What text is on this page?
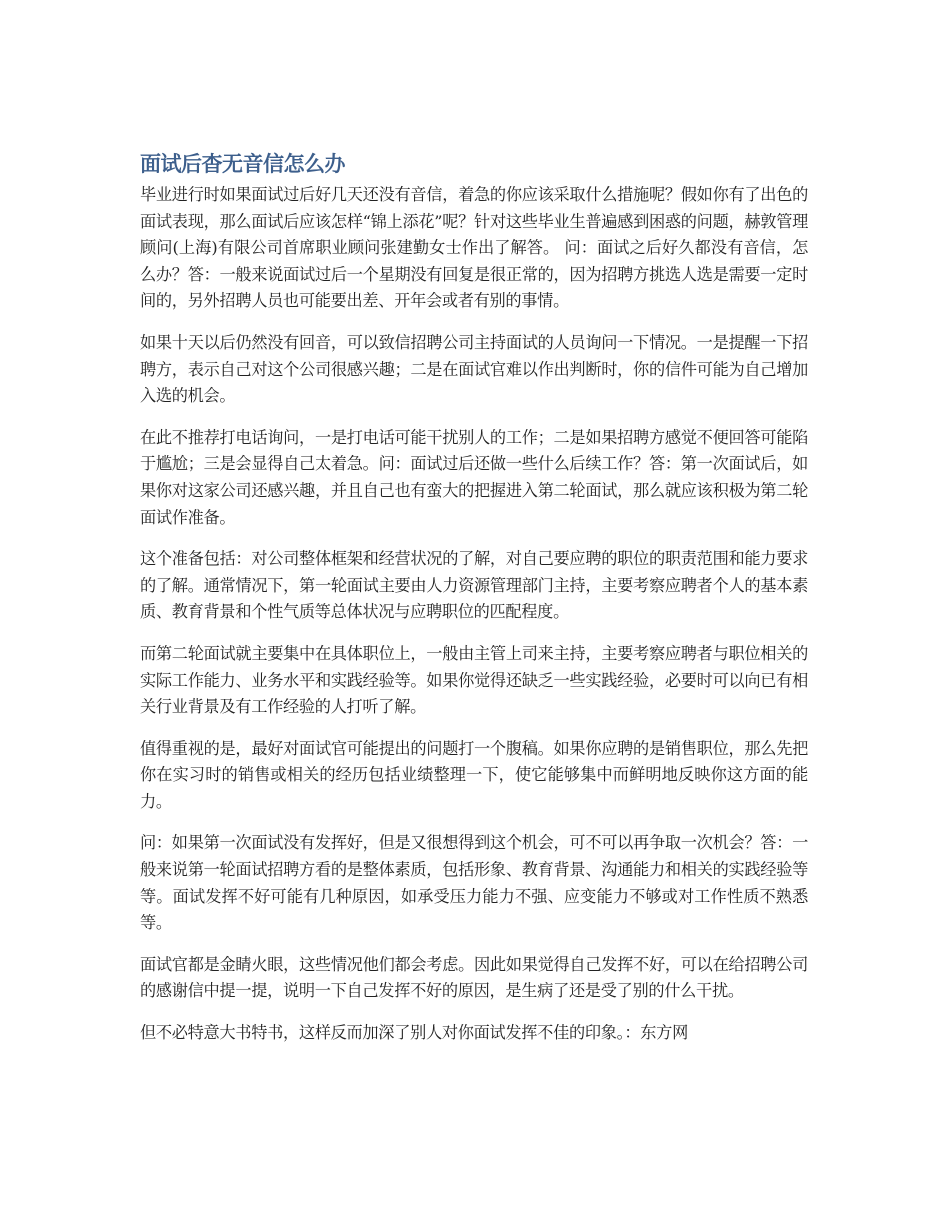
面试后杳无音信怎么办

毕业进行时如果面试过后好几天还没有音信，着急的你应该采取什么措施呢？假如你有了出色的面试表现，那么面试后应该怎样“锦上添花”呢？针对这些毕业生普遍感到困惑的问题，赫敦管理顾问(上海)有限公司首席职业顾问张建勤女士作出了解答。 问：面试之后好久都没有音信，怎么办？答：一般来说面试过后一个星期没有回复是很正常的，因为招聘方挑选人选是需要一定时间的，另外招聘人员也可能要出差、开年会或者有别的事情。

如果十天以后仍然没有回音，可以致信招聘公司主持面试的人员询问一下情况。一是提醒一下招聘方，表示自己对这个公司很感兴趣；二是在面试官难以作出判断时，你的信件可能为自己增加入选的机会。

在此不推荐打电话询问，一是打电话可能干扰别人的工作；二是如果招聘方感觉不便回答可能陷于尴尬；三是会显得自己太着急。问：面试过后还做一些什么后续工作？答：第一次面试后，如果你对这家公司还感兴趣，并且自己也有蛮大的把握进入第二轮面试，那么就应该积极为第二轮面试作准备。

这个准备包括：对公司整体框架和经营状况的了解，对自己要应聘的职位的职责范围和能力要求的了解。通常情况下，第一轮面试主要由人力资源管理部门主持，主要考察应聘者个人的基本素质、教育背景和个性气质等总体状况与应聘职位的匹配程度。

而第二轮面试就主要集中在具体职位上，一般由主管上司来主持，主要考察应聘者与职位相关的实际工作能力、业务水平和实践经验等。如果你觉得还缺乏一些实践经验，必要时可以向已有相关行业背景及有工作经验的人打听了解。

值得重视的是，最好对面试官可能提出的问题打一个腹稿。如果你应聘的是销售职位，那么先把你在实习时的销售或相关的经历包括业绩整理一下，使它能够集中而鲜明地反映你这方面的能力。

问：如果第一次面试没有发挥好，但是又很想得到这个机会，可不可以再争取一次机会？答：一般来说第一轮面试招聘方看的是整体素质，包括形象、教育背景、沟通能力和相关的实践经验等等。面试发挥不好可能有几种原因，如承受压力能力不强、应变能力不够或对工作性质不熟悉等。

面试官都是金睛火眼，这些情况他们都会考虑。因此如果觉得自己发挥不好，可以在给招聘公司的感谢信中提一提，说明一下自己发挥不好的原因，是生病了还是受了别的什么干扰。

但不必特意大书特书，这样反而加深了别人对你面试发挥不佳的印象。：东方网
